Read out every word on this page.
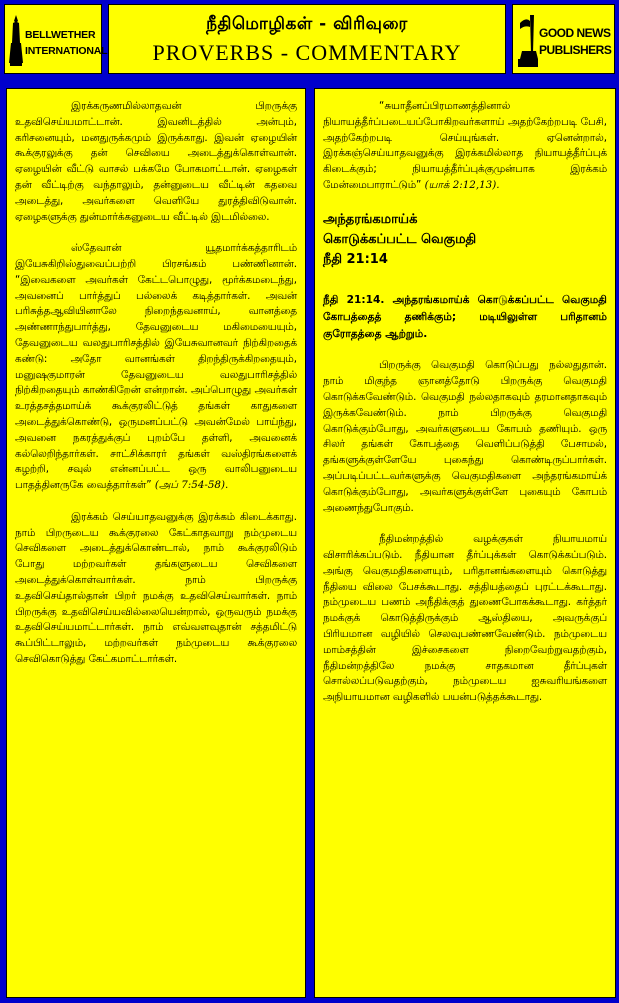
BELLWETHER
INTERNATIONAL
நீதிமொழிகள் - விரிவுரை
PROVERBS - COMMENTARY
GOOD NEWS
PUBLISHERS

இரக்கருணமில்லாதவன் பிறருக்கு உதவிசெய்யமாட்டான். இவனிடத்தில் அன்பும், கரிசனையும், மனதுருக்கமும் இருக்காது. இவன் ஏழையின் கூக்குரலுக்கு தன் செவியை அடைத்துக்கொள்வான். ஏழையின் வீட்டு வாசல் பக்கமே போகமாட்டான். ஏழைகள் தன் வீட்டிற்கு வந்தாலும், தன்னுடைய வீட்டின் கதவை அடைத்து, அவர்களை வெளியே துரத்திவிடுவான். ஏழைகளுக்கு துன்மார்க்கனுடைய வீட்டில் இடமில்லை.

ஸ்தேவான் யூதமார்க்கத்தாரிடம் இயேசுகிறிஸ்துவைப்பற்றி பிரசங்கம் பண்ணினான். “இவைகளை அவர்கள் கேட்டபொழுது, மூர்க்கமடைந்து, அவனைப் பார்த்துப் பல்லைக் கடித்தார்கள். அவன் பரிசுத்தஆவியினாலே நிறைந்தவனாய், வானத்தை அண்ணாந்துபார்த்து, தேவனுடைய மகிமையையும், தேவனுடைய வலதுபாரிசத்தில் இயேசுவானவர் நிற்கிறதைக் கண்டு: அதோ வானங்கள் திறந்திருக்கிறதையும், மனுஷகுமாரன் தேவனுடைய வலதுபாரிசத்தில் நிற்கிறதையும் காண்கிறேன் என்றான். அப்பொழுது அவர்கள் உரத்தசத்தமாய்க் கூக்குரலிட்டுத் தங்கள் காதுகளை அடைத்துக்கொண்டு, ஒருமனப்பட்டு அவன்மேல் பாய்ந்து, அவனை நகரத்துக்குப் புறம்பே தள்ளி, அவனைக் கல்லெறிந்தார்கள். சாட்சிக்காரர் தங்கள் வஸ்திரங்களைக் கழற்றி, சவுல் என்னப்பட்ட ஒரு வாலிபனுடைய பாதத்தினருகே வைத்தார்கள்” (அப் 7:54-58).

இரக்கம் செய்யாதவனுக்கு இரக்கம் கிடைக்காது. நாம் பிறருடைய கூக்குரலை கேட்காதவாறு நம்முடைய செவிகளை அடைத்துக்கொண்டால், நாம் கூக்குரலிடும் போது மற்றவர்கள் தங்களுடைய செவிகளை அடைத்துக்கொள்வார்கள். நாம் பிறருக்கு உதவிசெய்தால்தான் பிறர் நமக்கு உதவிசெய்வார்கள். நாம் பிறருக்கு உதவிசெய்யவில்லையென்றால், ஒருவரும் நமக்கு உதவிசெய்யமாட்டார்கள். நாம் எவ்வளவுதான் சத்தமிட்டு கூப்பிட்டாலும், மற்றவர்கள் நம்முடைய கூக்குரலை செவிகொடுத்து கேட்கமாட்டார்கள்.

“சுயாதீனப்பிரமாணத்தினால் நியாயத்தீர்ப்படையப்போகிறவர்களாய் அதற்கேற்றபடி பேசி, அதற்கேற்றபடி செய்யுங்கள். ஏனென்றால், இரக்கஞ்செய்யாதவனுக்கு இரக்கமில்லாத நியாயத்தீர்ப்புக் கிடைக்கும்; நியாயத்தீர்ப்புக்குமுன்பாக இரக்கம் மேன்மைபாராட்டும்” (யாக் 2:12,13).

அந்தரங்கமாய்க்
கொடுக்கப்பட்ட வெகுமதி
நீதி 21:14

நீதி 21:14. அந்தரங்கமாய்க் கொடுக்கப்பட்ட வெகுமதி கோபத்தைத் தணிக்கும்; மடியிலுள்ள பரிதானம் குரோதத்தை ஆற்றும்.

பிறருக்கு வெகுமதி கொடுப்பது நல்லதுதான். நாம் மிகுந்த ஞானத்தோடு பிறருக்கு வெகுமதி கொடுக்கவேண்டும். வெகுமதி நல்லதாகவும் தரமானதாகவும் இருக்கவேண்டும். நாம் பிறருக்கு வெகுமதி கொடுக்கும்போது, அவர்களுடைய கோபம் தணியும். ஒரு சிலர் தங்கள் கோபத்தை வெளிப்படுத்தி பேசாமல், தங்களுக்குள்ளேயே புகைந்து கொண்டிருப்பார்கள். அப்படிப்பட்டவர்களுக்கு வெகுமதிகளை அந்தரங்கமாய்க் கொடுக்கும்போது, அவர்களுக்குள்ளே புகையும் கோபம் அணைந்துபோகும்.

நீதிமன்றத்தில் வழக்குகள் நியாயமாய் விசாரிக்கப்படும். நீதியான தீர்ப்புக்கள் கொடுக்கப்படும். அங்கு வெகுமதிகளையும், பரிதானங்களையும் கொடுத்து நீதியை விலை பேசக்கூடாது. சத்தியத்தைப் புரட்டக்கூடாது. நம்முடைய பணம் அநீதிக்குத் துணைபோகக்கூடாது. கர்த்தர் நமக்குக் கொடுத்திருக்கும் ஆஸ்தியை, அவருக்குப் பிரியமான வழியில் செலவுபண்ணவேண்டும். நம்முடைய மாம்சத்தின் இச்சைகளை நிறைவேற்றுவதற்கும், நீதிமன்றத்திலே நமக்கு சாதகமான தீர்ப்புகள் சொல்லப்படுவதற்கும், நம்முடைய ஐசுவரியங்களை அநியாயமான வழிகளில் பயன்படுத்தக்கூடாது.
